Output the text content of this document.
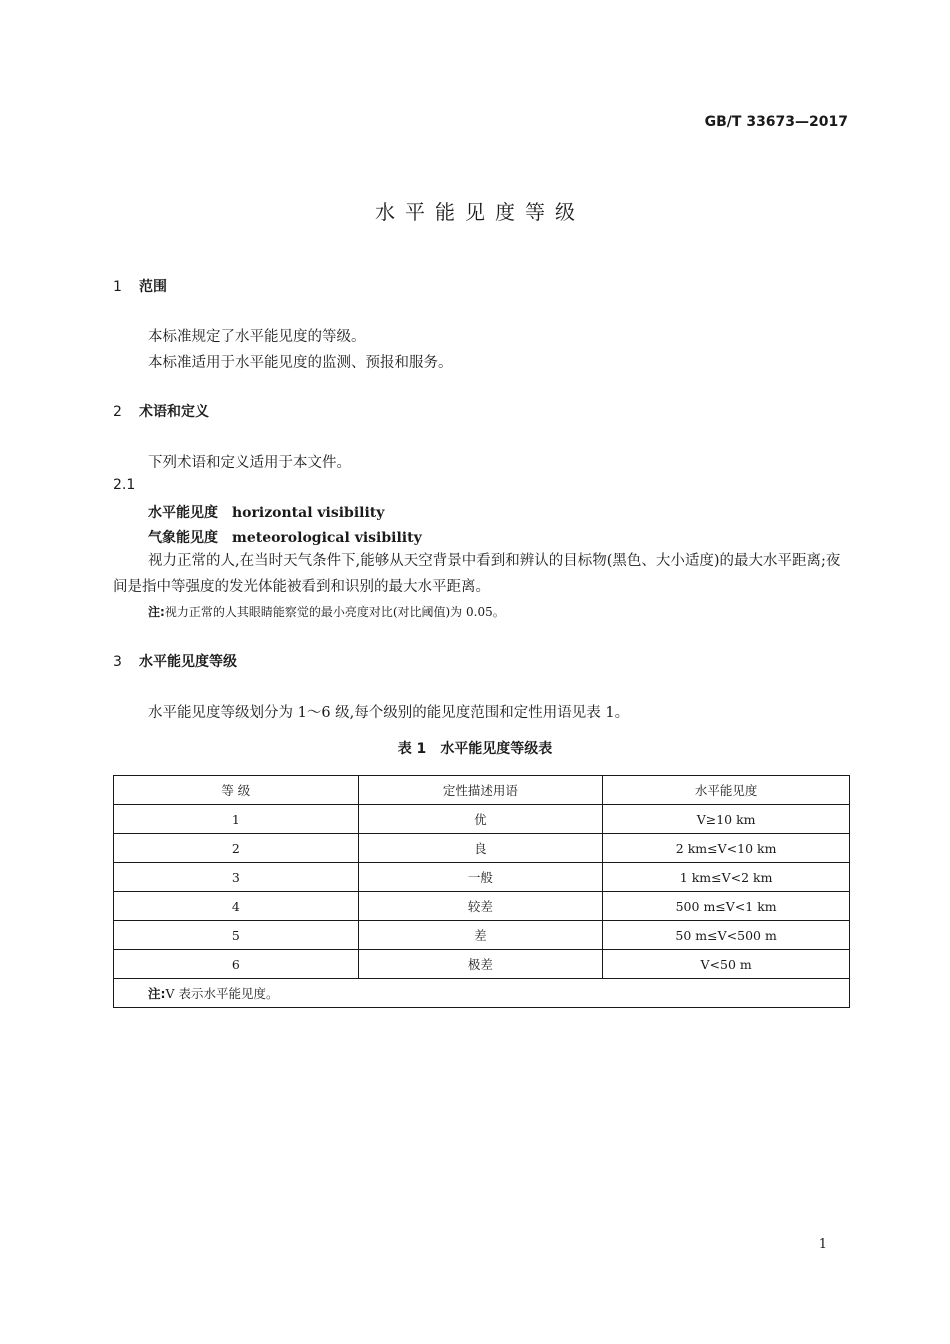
GB/T 33673—2017
水平能见度等级
1 范围
本标准规定了水平能见度的等级。
本标准适用于水平能见度的监测、预报和服务。
2 术语和定义
下列术语和定义适用于本文件。
2.1
水平能见度 horizontal visibility
气象能见度 meteorological visibility
视力正常的人,在当时天气条件下,能够从天空背景中看到和辨认的目标物(黑色、大小适度)的最大水平距离;夜间是指中等强度的发光体能被看到和识别的最大水平距离。
注:视力正常的人其眼睛能察觉的最小亮度对比(对比阈值)为 0.05。
3 水平能见度等级
水平能见度等级划分为 1～6 级,每个级别的能见度范围和定性用语见表 1。
表 1 水平能见度等级表
等 级	定性描述用语	水平能见度
1	优	V≥10 km
2	良	2 km≤V<10 km
3	一般	1 km≤V<2 km
4	较差	500 m≤V<1 km
5	差	50 m≤V<500 m
6	极差	V<50 m
注:V 表示水平能见度。		
1
